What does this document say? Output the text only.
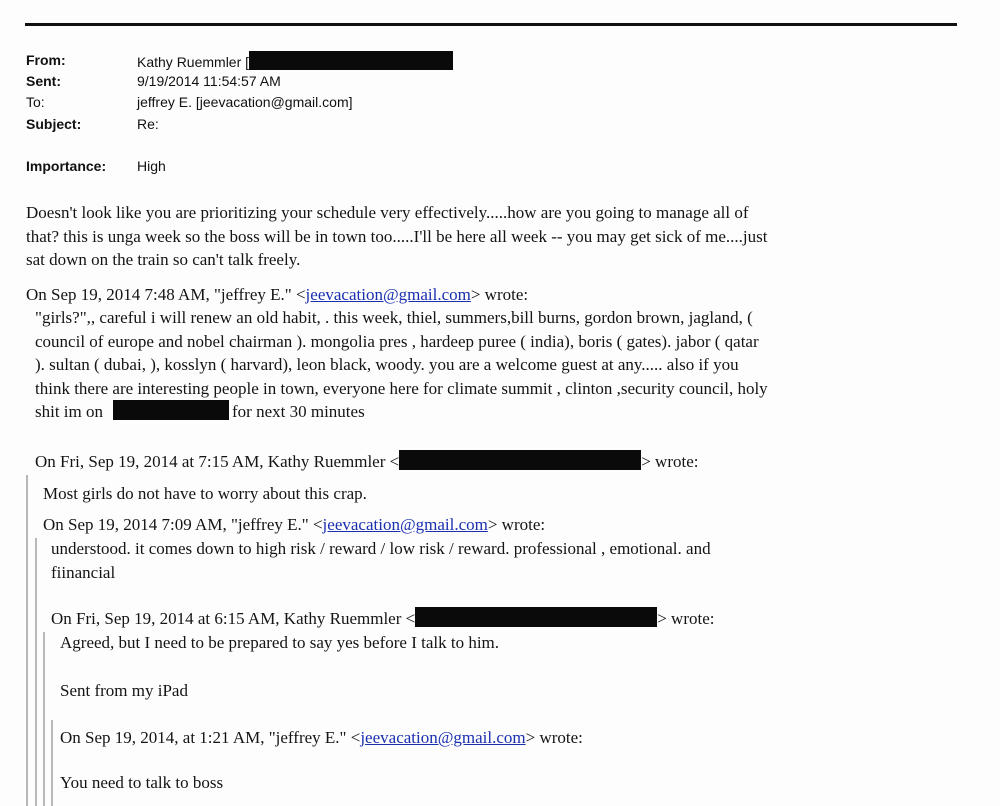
From:	Kathy Ruemmler [
Sent:	9/19/2014 11:54:57 AM
To:	jeffrey E. [jeevacation@gmail.com]
Subject:	Re:
Importance: High
Doesn't look like you are prioritizing your schedule very effectively.....how are you going to manage all of
that? this is unga week so the boss will be in town too.....I'll be here all week -- you may get sick of me....just
sat down on the train so can't talk freely.
On Sep 19, 2014 7:48 AM, "jeffrey E." <jeevacation@gmail.com> wrote:
"girls?",, careful i will renew an old habit, . this week, thiel, summers,bill burns, gordon brown, jagland, (
council of europe and nobel chairman ). mongolia pres , hardeep puree ( india), boris ( gates). jabor ( qatar
). sultan ( dubai, ), kosslyn ( harvard), leon black, woody. you are a welcome guest at any..... also if you
think there are interesting people in town, everyone here for climate summit , clinton ,security council, holy
shit im on	for next 30 minutes
On Fri, Sep 19, 2014 at 7:15 AM, Kathy Ruemmler <	> wrote:
Most girls do not have to worry about this crap.
On Sep 19, 2014 7:09 AM, "jeffrey E." <jeevacation@gmail.com> wrote:
understood. it comes down to high risk / reward / low risk / reward. professional , emotional. and
fiinancial
On Fri, Sep 19, 2014 at 6:15 AM, Kathy Ruemmler <	> wrote:
Agreed, but I need to be prepared to say yes before I talk to him.
Sent from my iPad
On Sep 19, 2014, at 1:21 AM, "jeffrey E." <jeevacation@gmail.com> wrote:
You need to talk to boss
